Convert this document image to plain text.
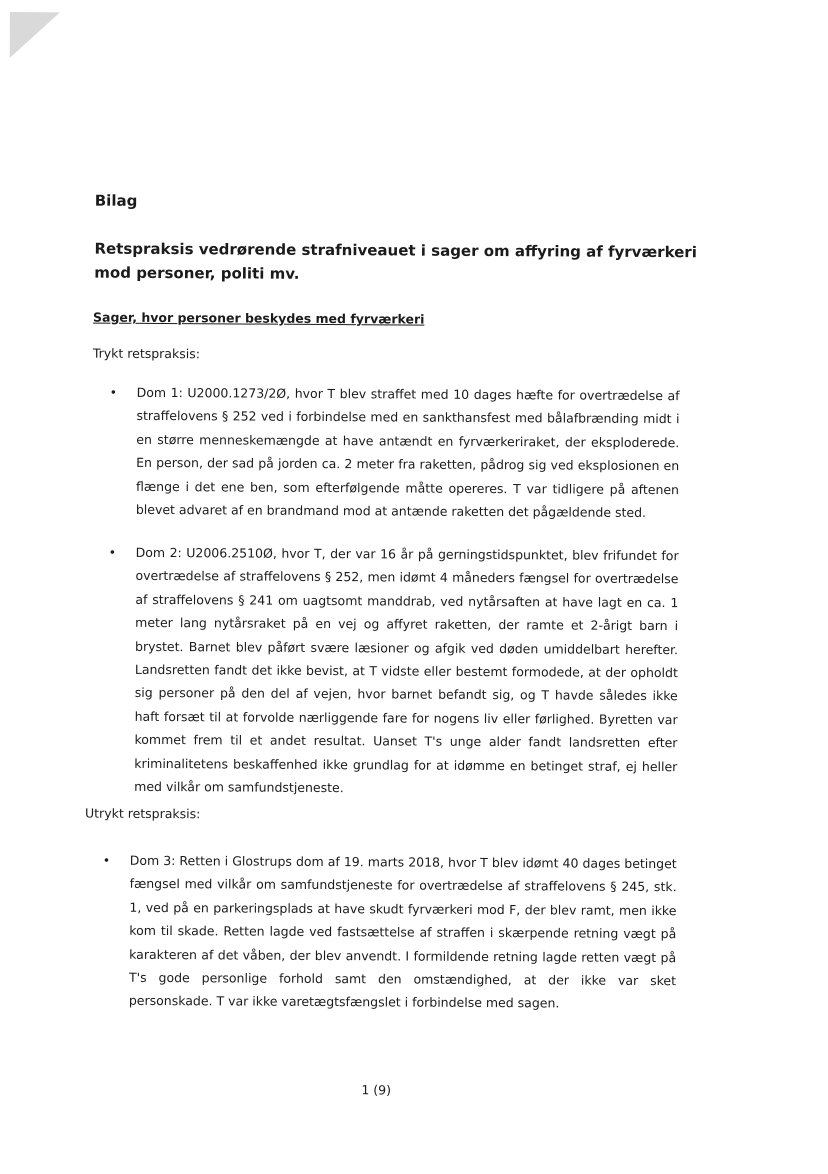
Bilag
Retspraksis vedrørende strafniveauet i sager om affyring af fyrværkeri mod personer, politi mv.
Sager, hvor personer beskydes med fyrværkeri

Trykt retspraksis:

• Dom 1: U2000.1273/2Ø, hvor T blev straffet med 10 dages hæfte for overtrædelse af straffelovens § 252 ved i forbindelse med en sankthansfest med bålafbrænding midt i en større menneskemængde at have antændt en fyrværkeriraket, der eksploderede. En person, der sad på jorden ca. 2 meter fra raketten, pådrog sig ved eksplosionen en flænge i det ene ben, som efterfølgende måtte opereres. T var tidligere på aftenen blevet advaret af en brandmand mod at antænde raketten det pågældende sted.

• Dom 2: U2006.2510Ø, hvor T, der var 16 år på gerningstidspunktet, blev frifundet for overtrædelse af straffelovens § 252, men idømt 4 måneders fængsel for overtrædelse af straffelovens § 241 om uagtsomt manddrab, ved nytårsaften at have lagt en ca. 1 meter lang nytårsraket på en vej og affyret raketten, der ramte et 2-årigt barn i brystet. Barnet blev påført svære læsioner og afgik ved døden umiddelbart herefter. Landsretten fandt det ikke bevist, at T vidste eller bestemt formodede, at der opholdt sig personer på den del af vejen, hvor barnet befandt sig, og T havde således ikke haft forsæt til at forvolde nærliggende fare for nogens liv eller førlighed. Byretten var kommet frem til et andet resultat. Uanset T's unge alder fandt landsretten efter kriminalitetens beskaffenhed ikke grundlag for at idømme en betinget straf, ej heller med vilkår om samfundstjeneste.

Utrykt retspraksis:

• Dom 3: Retten i Glostrups dom af 19. marts 2018, hvor T blev idømt 40 dages betinget fængsel med vilkår om samfundstjeneste for overtrædelse af straffelovens § 245, stk. 1, ved på en parkeringsplads at have skudt fyrværkeri mod F, der blev ramt, men ikke kom til skade. Retten lagde ved fastsættelse af straffen i skærpende retning vægt på karakteren af det våben, der blev anvendt. I formildende retning lagde retten vægt på T's gode personlige forhold samt den omstændighed, at der ikke var sket personskade. T var ikke varetægtsfængslet i forbindelse med sagen.

1 (9)
